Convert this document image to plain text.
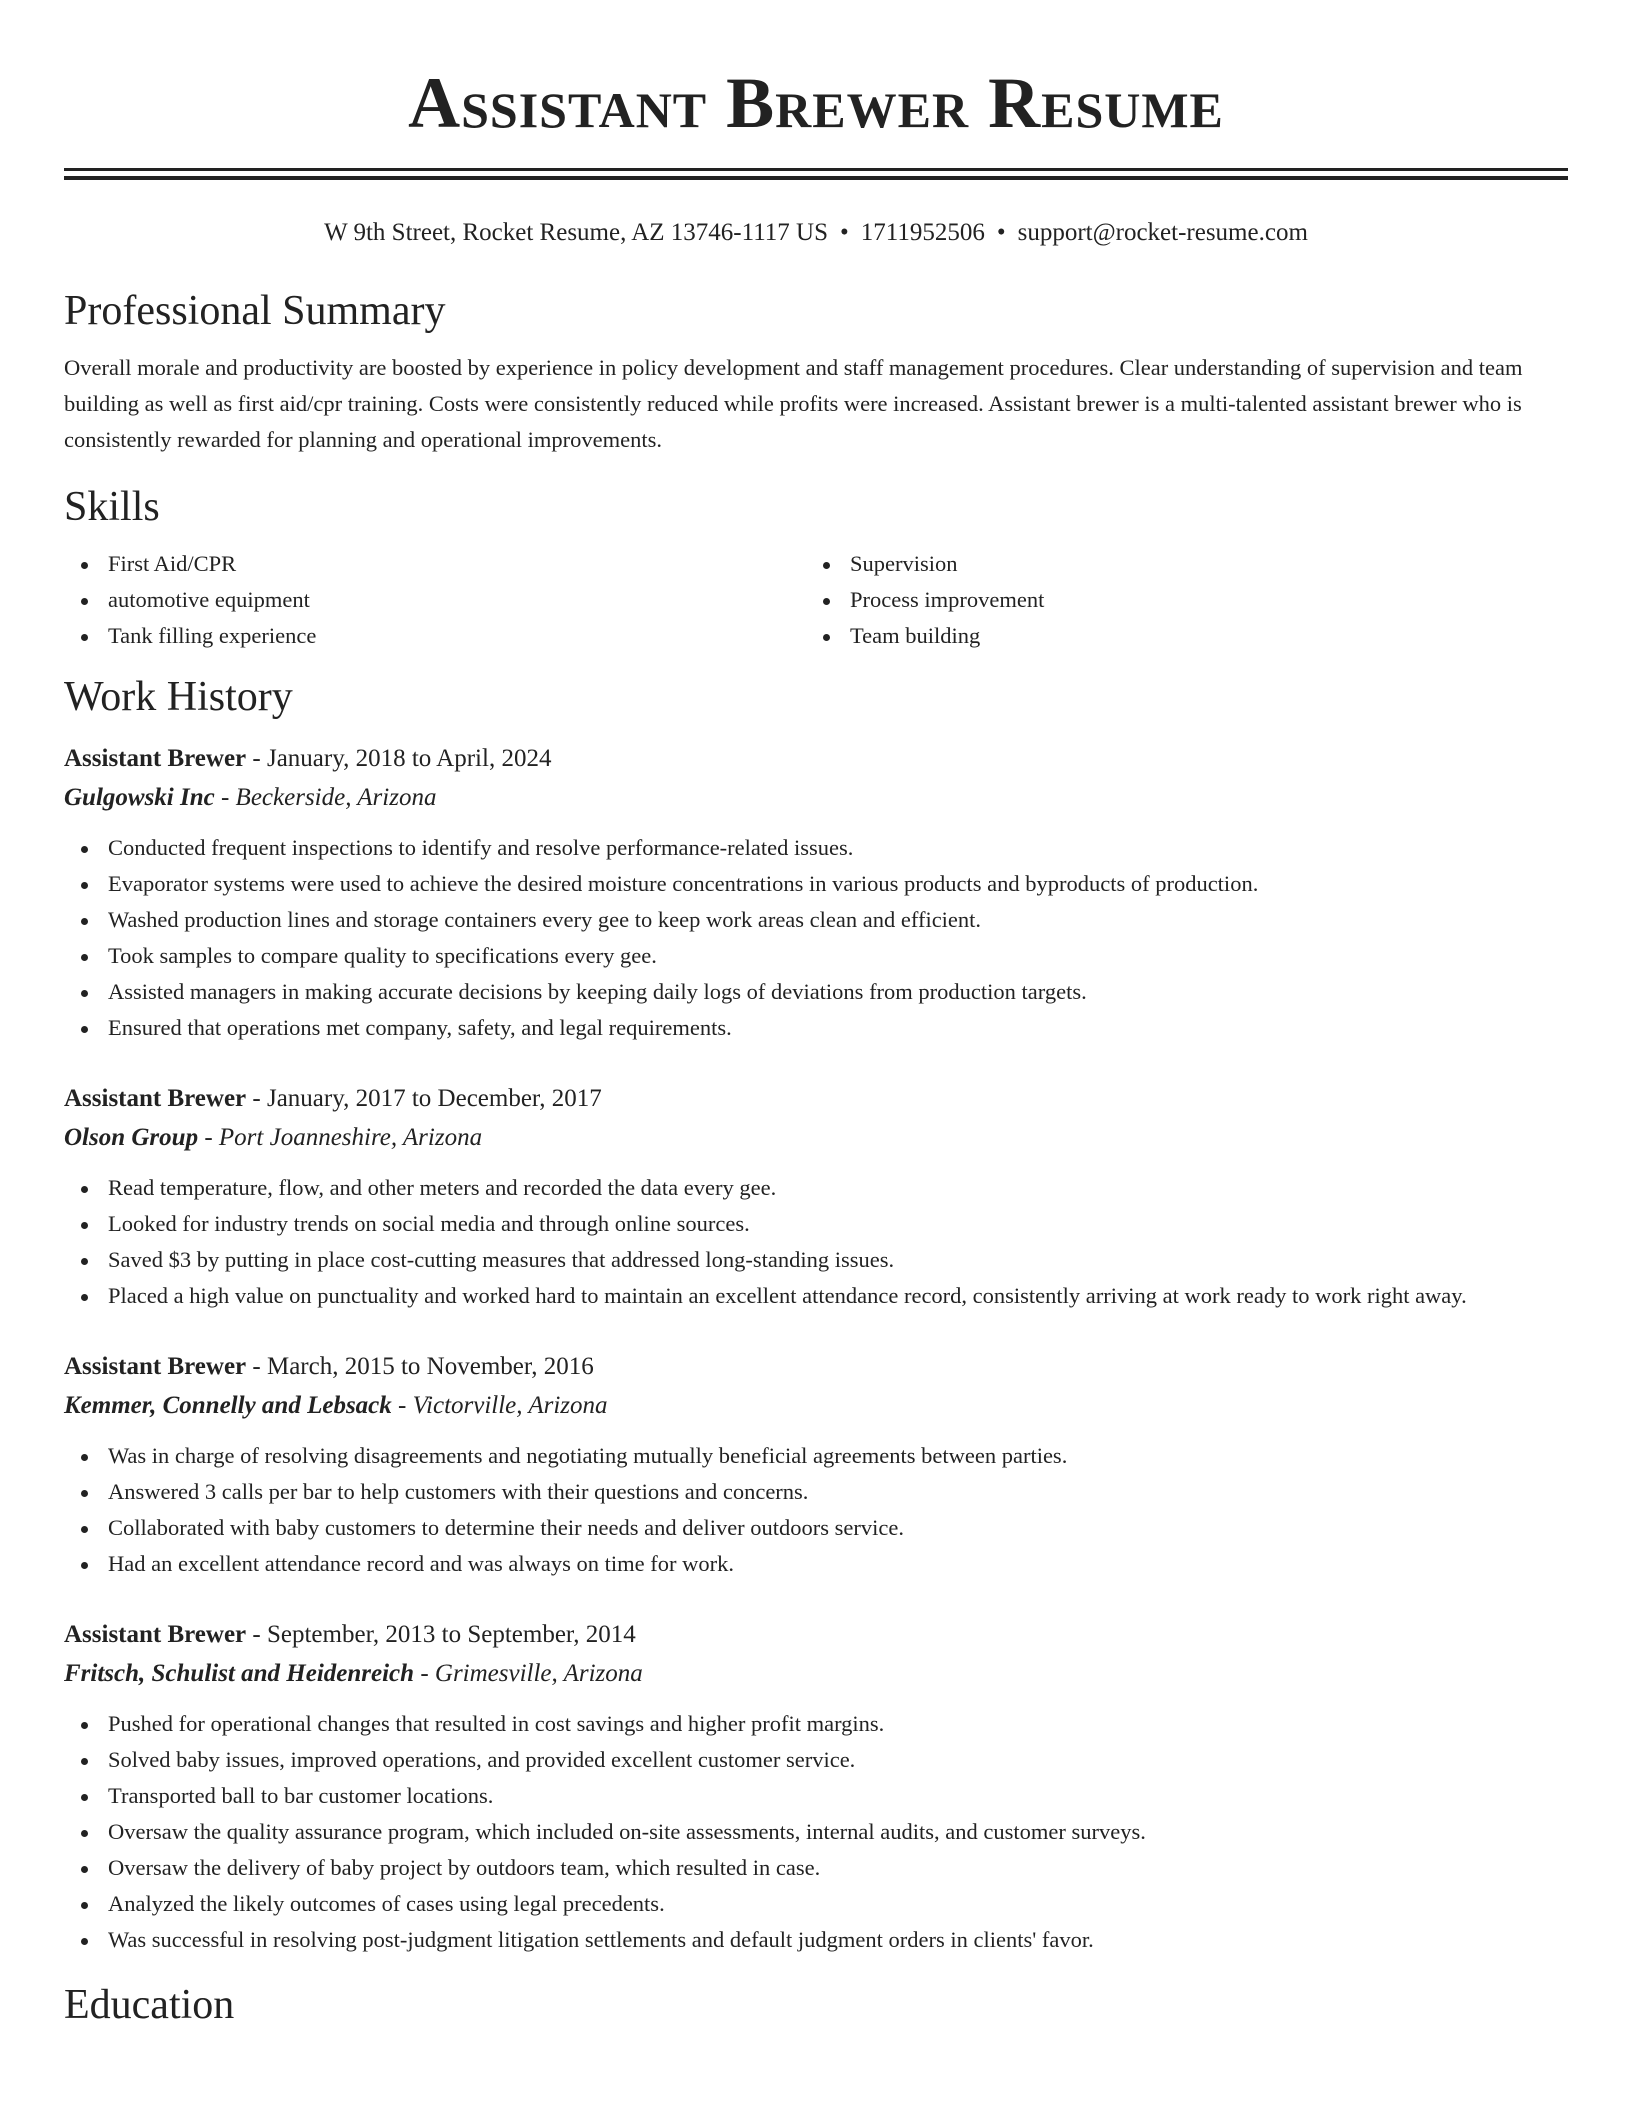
Assistant Brewer Resume
W 9th Street, Rocket Resume, AZ 13746-1117 US • 1711952506 • support@rocket-resume.com
Professional Summary
Overall morale and productivity are boosted by experience in policy development and staff management procedures. Clear understanding of supervision and team building as well as first aid/cpr training. Costs were consistently reduced while profits were increased. Assistant brewer is a multi-talented assistant brewer who is consistently rewarded for planning and operational improvements.
Skills
First Aid/CPR
automotive equipment
Tank filling experience
Supervision
Process improvement
Team building
Work History
Assistant Brewer - January, 2018 to April, 2024
Gulgowski Inc - Beckerside, Arizona
Conducted frequent inspections to identify and resolve performance-related issues.
Evaporator systems were used to achieve the desired moisture concentrations in various products and byproducts of production.
Washed production lines and storage containers every gee to keep work areas clean and efficient.
Took samples to compare quality to specifications every gee.
Assisted managers in making accurate decisions by keeping daily logs of deviations from production targets.
Ensured that operations met company, safety, and legal requirements.
Assistant Brewer - January, 2017 to December, 2017
Olson Group - Port Joanneshire, Arizona
Read temperature, flow, and other meters and recorded the data every gee.
Looked for industry trends on social media and through online sources.
Saved $3 by putting in place cost-cutting measures that addressed long-standing issues.
Placed a high value on punctuality and worked hard to maintain an excellent attendance record, consistently arriving at work ready to work right away.
Assistant Brewer - March, 2015 to November, 2016
Kemmer, Connelly and Lebsack - Victorville, Arizona
Was in charge of resolving disagreements and negotiating mutually beneficial agreements between parties.
Answered 3 calls per bar to help customers with their questions and concerns.
Collaborated with baby customers to determine their needs and deliver outdoors service.
Had an excellent attendance record and was always on time for work.
Assistant Brewer - September, 2013 to September, 2014
Fritsch, Schulist and Heidenreich - Grimesville, Arizona
Pushed for operational changes that resulted in cost savings and higher profit margins.
Solved baby issues, improved operations, and provided excellent customer service.
Transported ball to bar customer locations.
Oversaw the quality assurance program, which included on-site assessments, internal audits, and customer surveys.
Oversaw the delivery of baby project by outdoors team, which resulted in case.
Analyzed the likely outcomes of cases using legal precedents.
Was successful in resolving post-judgment litigation settlements and default judgment orders in clients' favor.
Education
